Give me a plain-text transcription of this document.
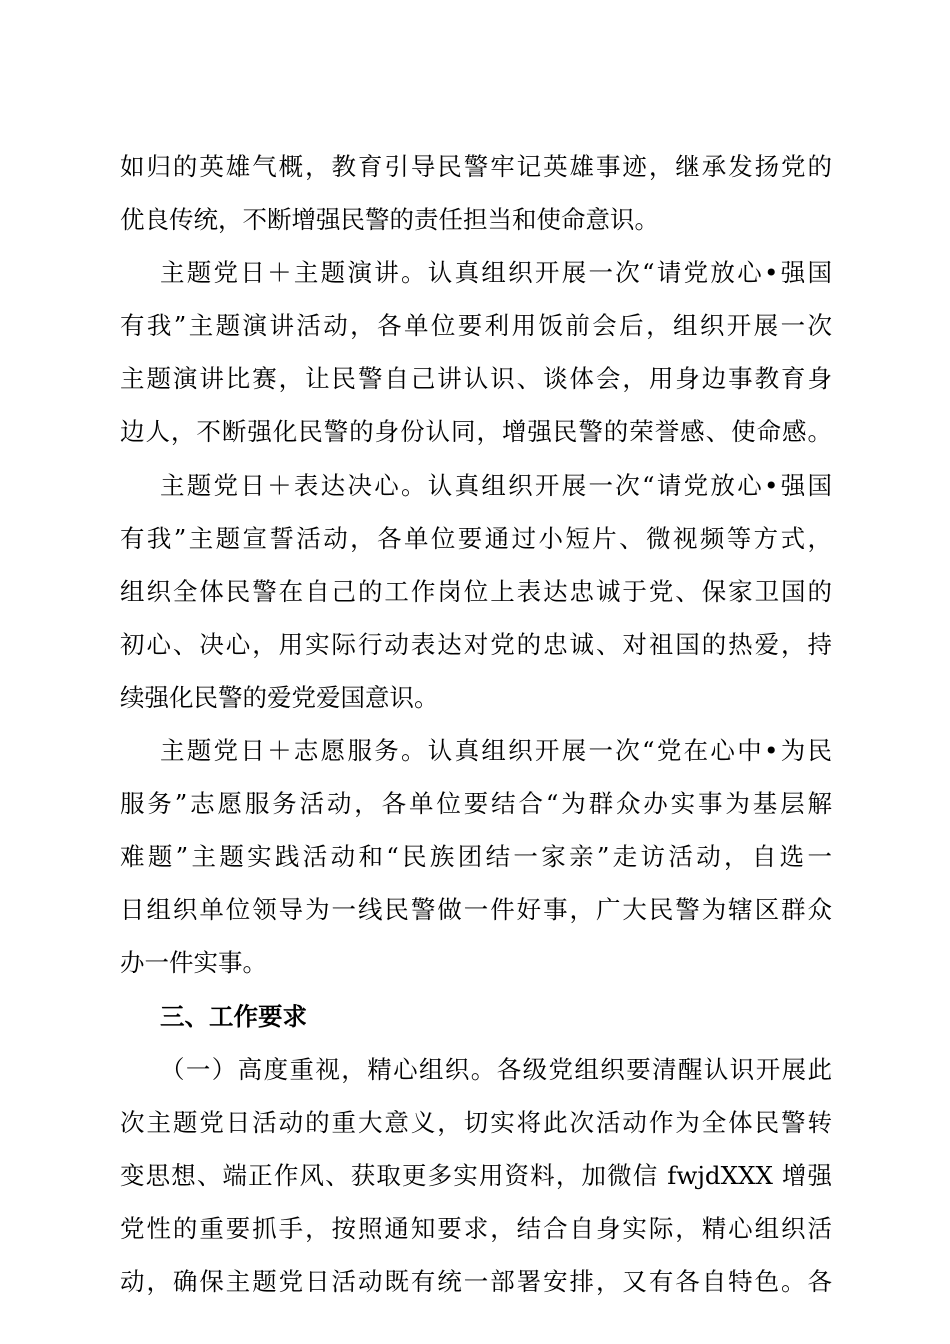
如归的英雄气概，教育引导民警牢记英雄事迹，继承发扬党的
优良传统，不断增强民警的责任担当和使命意识。
主题党日＋主题演讲。认真组织开展一次“请党放心•强国
有我”主题演讲活动，各单位要利用饭前会后，组织开展一次
主题演讲比赛，让民警自己讲认识、谈体会，用身边事教育身
边人，不断强化民警的身份认同，增强民警的荣誉感、使命感。
主题党日＋表达决心。认真组织开展一次“请党放心•强国
有我”主题宣誓活动，各单位要通过小短片、微视频等方式，
组织全体民警在自己的工作岗位上表达忠诚于党、保家卫国的
初心、决心，用实际行动表达对党的忠诚、对祖国的热爱，持
续强化民警的爱党爱国意识。
主题党日＋志愿服务。认真组织开展一次“党在心中•为民
服务”志愿服务活动，各单位要结合“为群众办实事为基层解
难题”主题实践活动和“民族团结一家亲”走访活动，自选一
日组织单位领导为一线民警做一件好事，广大民警为辖区群众
办一件实事。
三、工作要求
（一）高度重视，精心组织。各级党组织要清醒认识开展此
次主题党日活动的重大意义，切实将此次活动作为全体民警转
变思想、端正作风、获取更多实用资料，加微信 fwjdXXX 增强
党性的重要抓手，按照通知要求，结合自身实际，精心组织活
动，确保主题党日活动既有统一部署安排，又有各自特色。各
